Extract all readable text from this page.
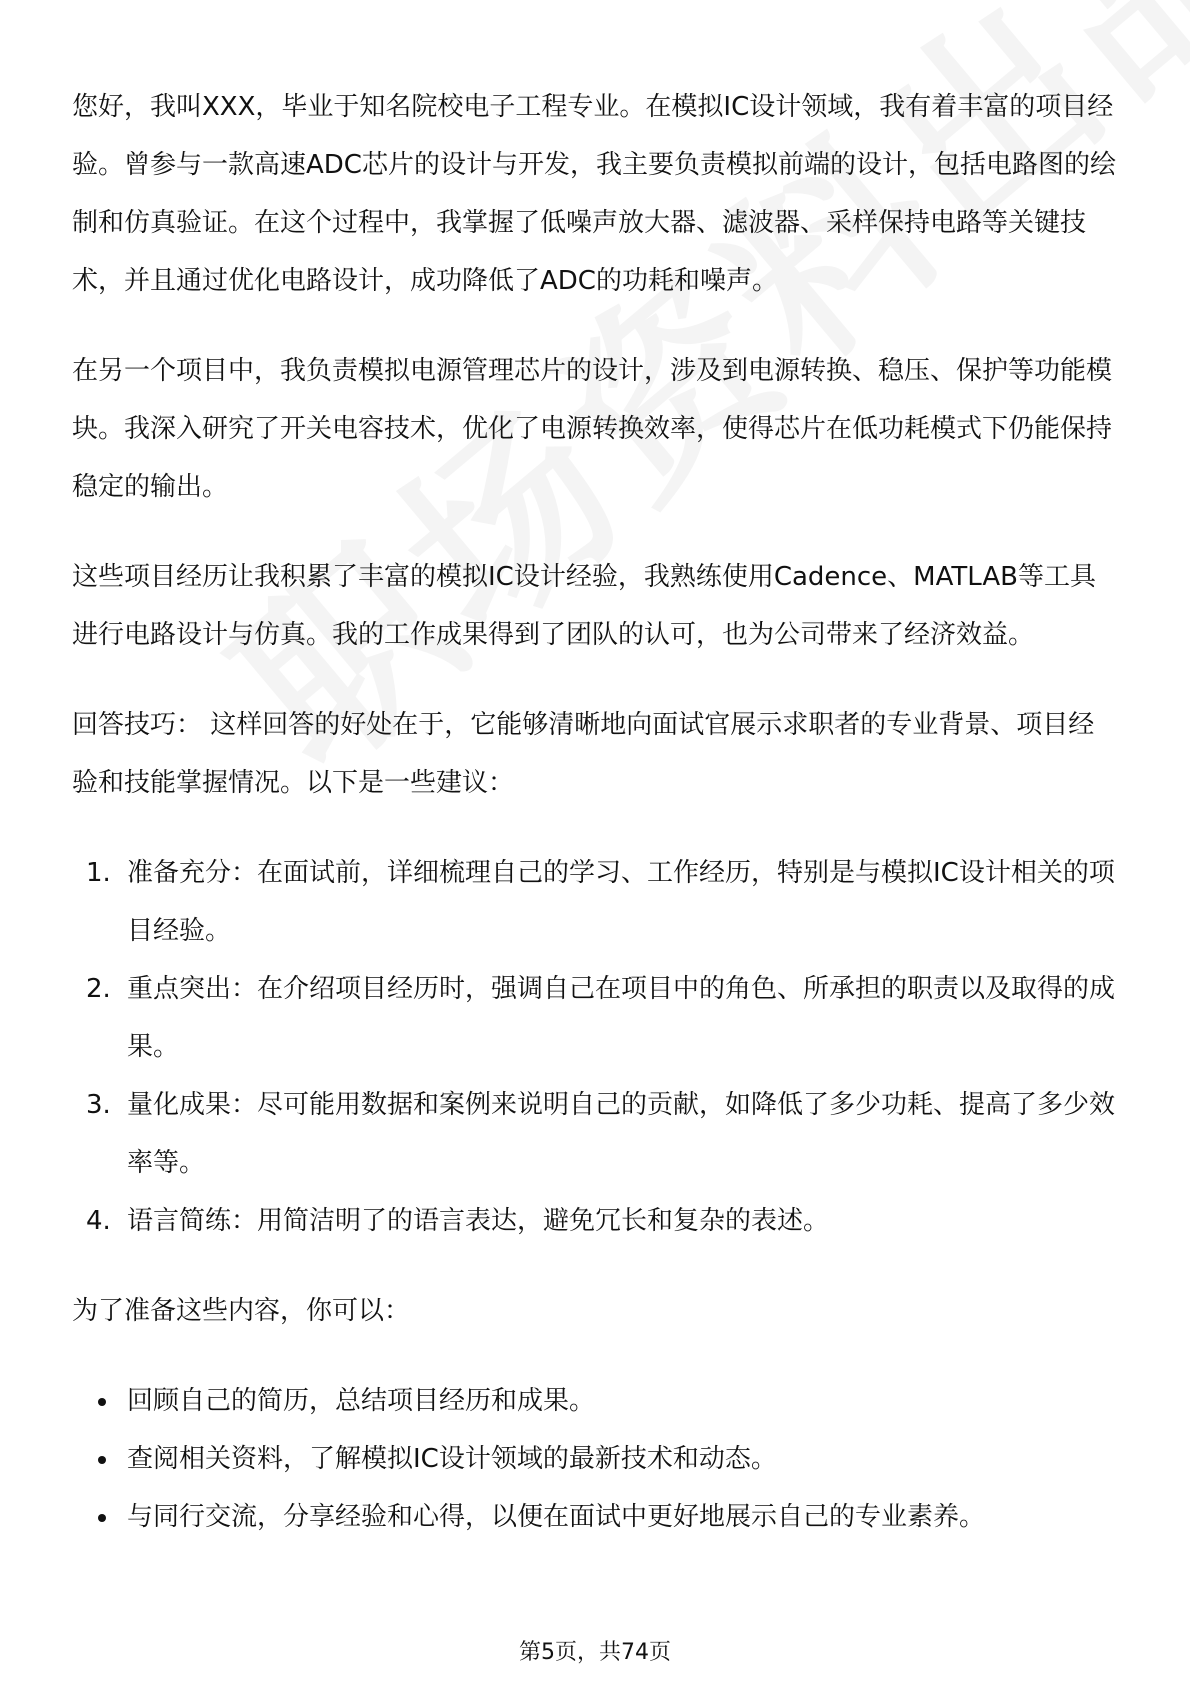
您好，我叫XXX，毕业于知名院校电子工程专业。在模拟IC设计领域，我有着丰富的项目经验。曾参与一款高速ADC芯片的设计与开发，我主要负责模拟前端的设计，包括电路图的绘制和仿真验证。在这个过程中，我掌握了低噪声放大器、滤波器、采样保持电路等关键技术，并且通过优化电路设计，成功降低了ADC的功耗和噪声。

在另一个项目中，我负责模拟电源管理芯片的设计，涉及到电源转换、稳压、保护等功能模块。我深入研究了开关电容技术，优化了电源转换效率，使得芯片在低功耗模式下仍能保持稳定的输出。

这些项目经历让我积累了丰富的模拟IC设计经验，我熟练使用Cadence、MATLAB等工具进行电路设计与仿真。我的工作成果得到了团队的认可，也为公司带来了经济效益。

回答技巧： 这样回答的好处在于，它能够清晰地向面试官展示求职者的专业背景、项目经验和技能掌握情况。以下是一些建议：

1. 准备充分：在面试前，详细梳理自己的学习、工作经历，特别是与模拟IC设计相关的项目经验。
2. 重点突出：在介绍项目经历时，强调自己在项目中的角色、所承担的职责以及取得的成果。
3. 量化成果：尽可能用数据和案例来说明自己的贡献，如降低了多少功耗、提高了多少效率等。
4. 语言简练：用简洁明了的语言表达，避免冗长和复杂的表述。

为了准备这些内容，你可以：

回顾自己的简历，总结项目经历和成果。
查阅相关资料，了解模拟IC设计领域的最新技术和动态。
与同行交流，分享经验和心得，以便在面试中更好地展示自己的专业素养。
第5页，共74页
